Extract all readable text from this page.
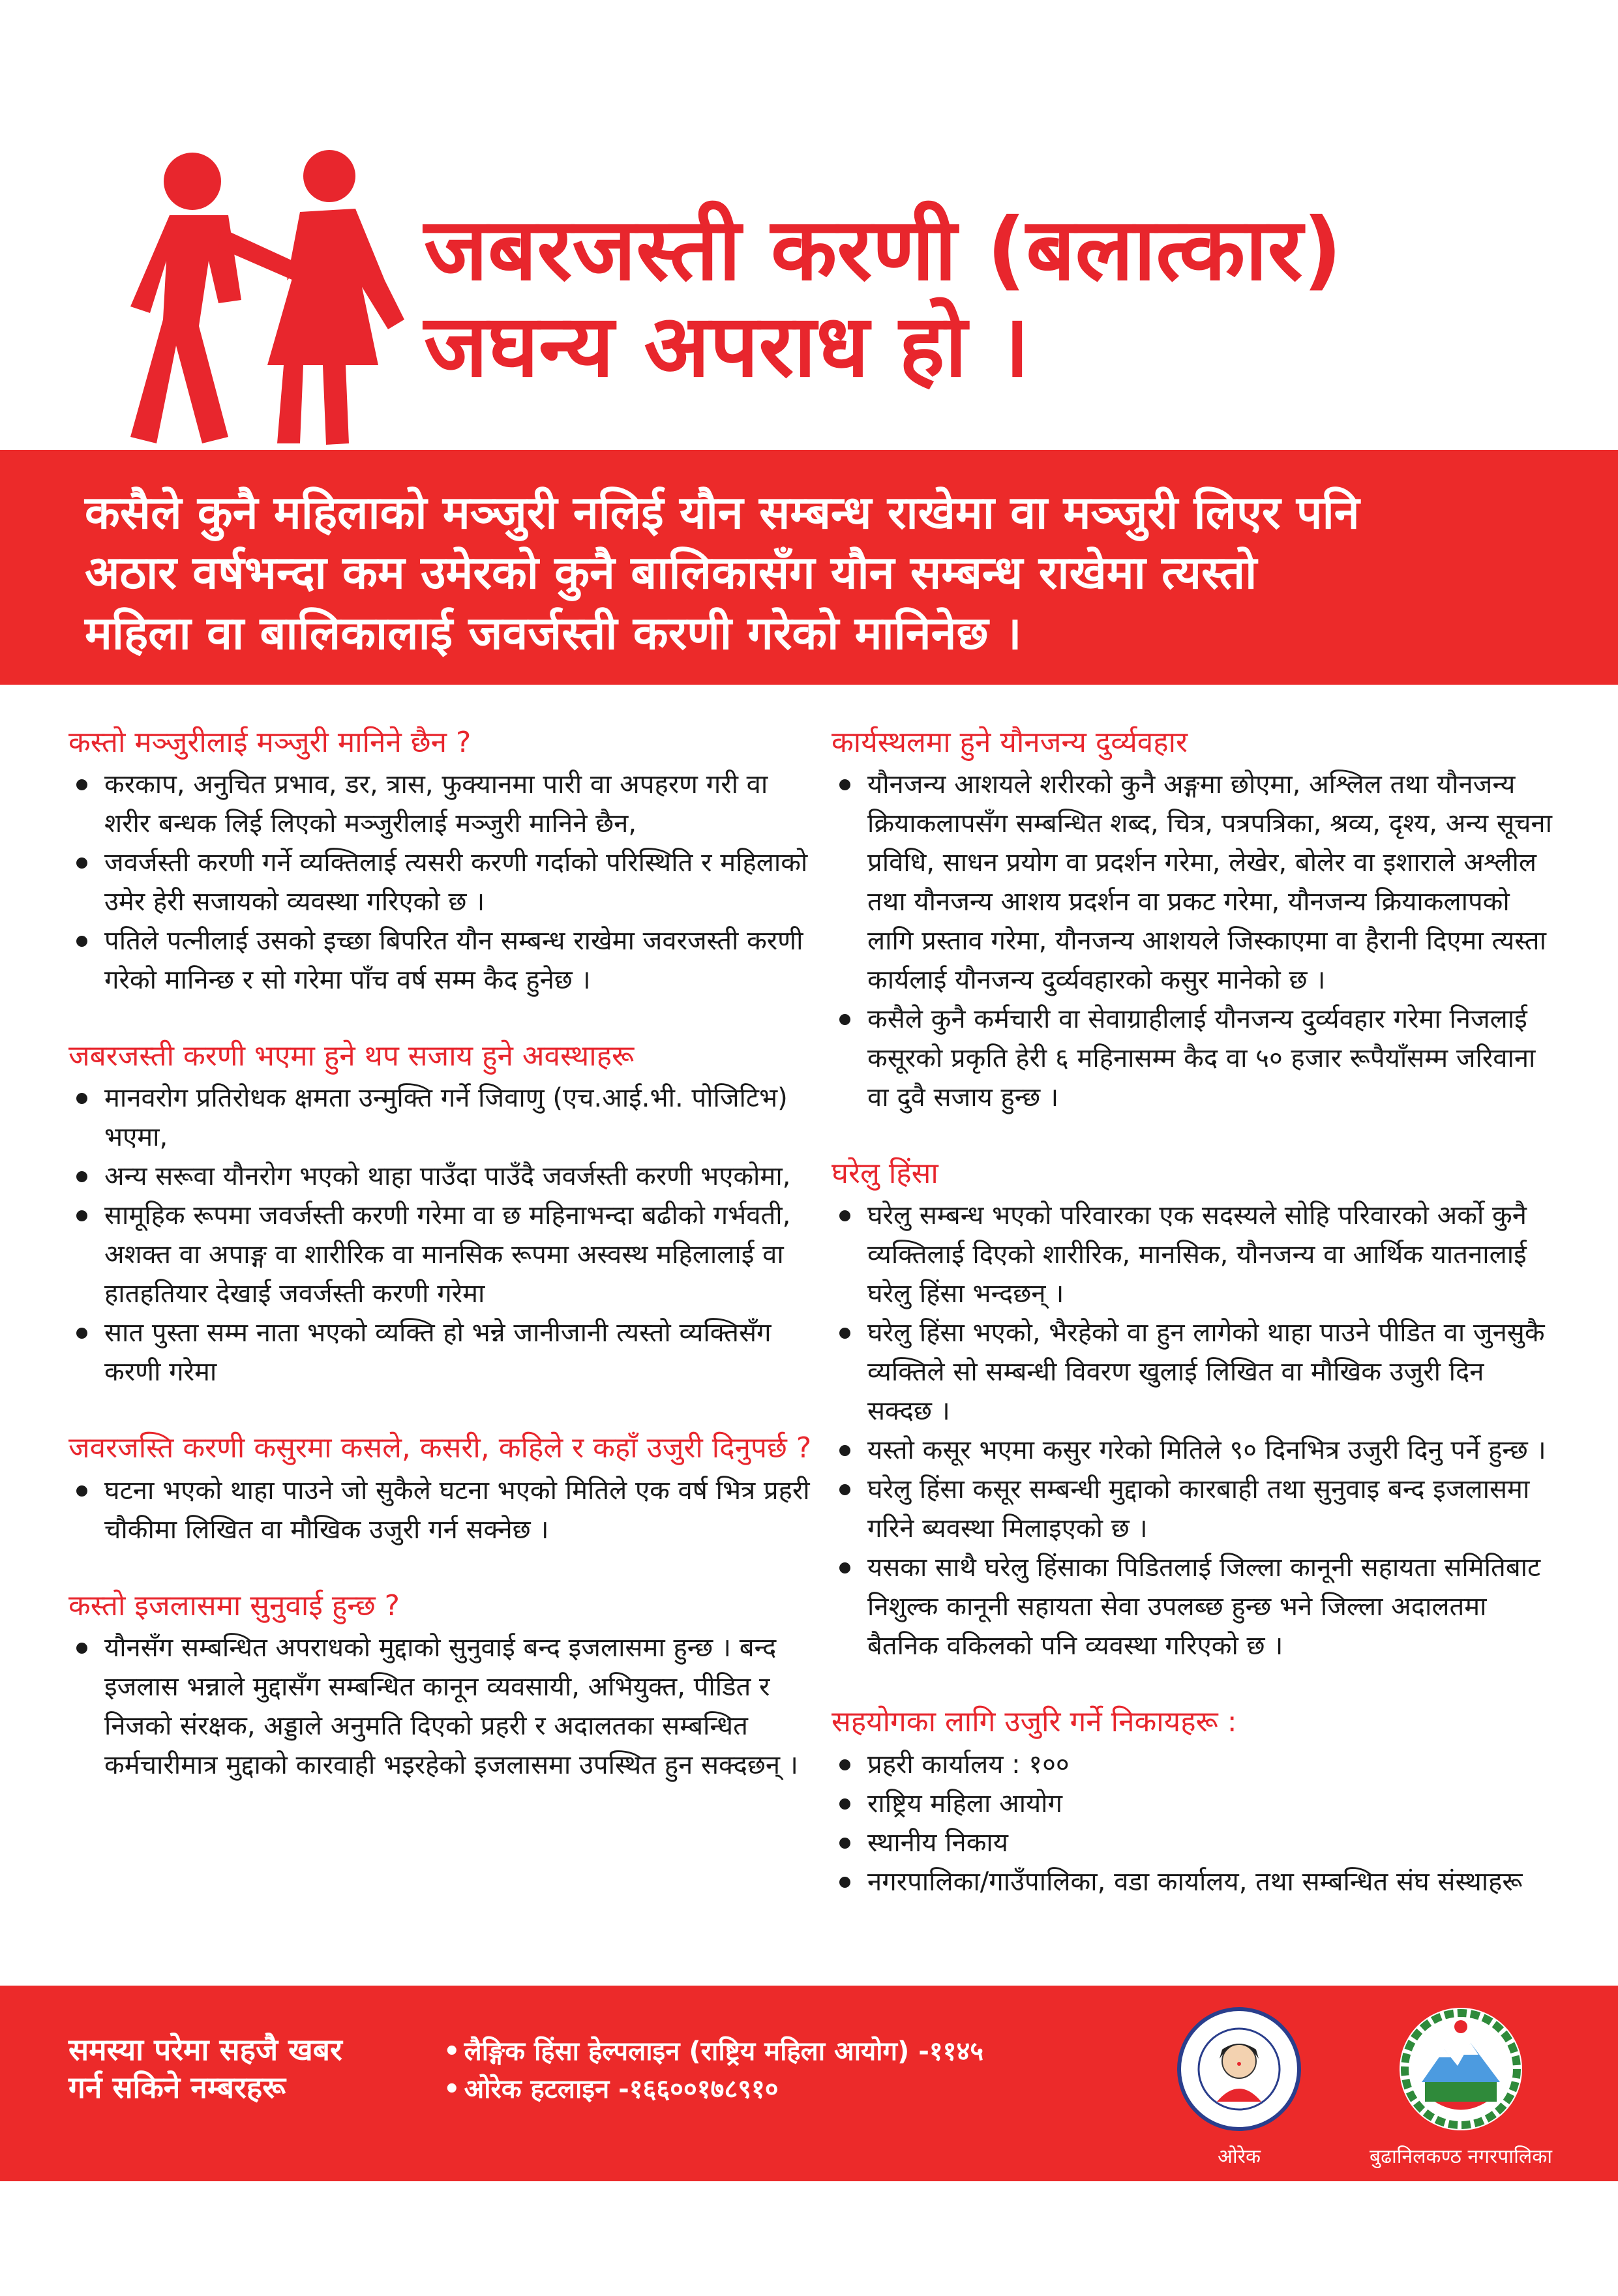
जबरजस्ती करणी (बलात्कार)
जघन्य अपराध हो ।
कसैले कुनै महिलाको मञ्जुरी नलिई यौन सम्बन्ध राखेमा वा मञ्जुरी लिएर पनि
अठार वर्षभन्दा कम उमेरको कुनै बालिकासँग यौन सम्बन्ध राखेमा त्यस्तो
महिला वा बालिकालाई जवर्जस्ती करणी गरेको मानिनेछ ।
कस्तो मञ्जुरीलाई मञ्जुरी मानिने छैन ?
करकाप, अनुचित प्रभाव, डर, त्रास, फुक्यानमा पारी वा अपहरण गरी वा शरीर बन्धक लिई लिएको मञ्जुरीलाई मञ्जुरी मानिने छैन,
जवर्जस्ती करणी गर्ने व्यक्तिलाई त्यसरी करणी गर्दाको परिस्थिति र महिलाको उमेर हेरी सजायको व्यवस्था गरिएको छ ।
पतिले पत्नीलाई उसको इच्छा बिपरित यौन सम्बन्ध राखेमा जवरजस्ती करणी गरेको मानिन्छ र सो गरेमा पाँच वर्ष सम्म कैद हुनेछ ।
जबरजस्ती करणी भएमा हुने थप सजाय हुने अवस्थाहरू
मानवरोग प्रतिरोधक क्षमता उन्मुक्ति गर्ने जिवाणु (एच.आई.भी. पोजिटिभ) भएमा,
अन्य सरूवा यौनरोग भएको थाहा पाउँदा पाउँदै जवर्जस्ती करणी भएकोमा,
सामूहिक रूपमा जवर्जस्ती करणी गरेमा वा छ महिनाभन्दा बढीको गर्भवती, अशक्त वा अपाङ्ग वा शारीरिक वा मानसिक रूपमा अस्वस्थ महिलालाई वा हातहतियार देखाई जवर्जस्ती करणी गरेमा
सात पुस्ता सम्म नाता भएको व्यक्ति हो भन्ने जानीजानी त्यस्तो व्यक्तिसँग करणी गरेमा
जवरजस्ति करणी कसुरमा कसले, कसरी, कहिले र कहाँ उजुरी दिनुपर्छ ?
घटना भएको थाहा पाउने जो सुकैले घटना भएको मितिले एक वर्ष भित्र प्रहरी चौकीमा लिखित वा मौखिक उजुरी गर्न सक्नेछ ।
कस्तो इजलासमा सुनुवाई हुन्छ ?
यौनसँग सम्बन्धित अपराधको मुद्दाको सुनुवाई बन्द इजलासमा हुन्छ । बन्द इजलास भन्नाले मुद्दासँग सम्बन्धित कानून व्यवसायी, अभियुक्त, पीडित र निजको संरक्षक, अड्डाले अनुमति दिएको प्रहरी र अदालतका सम्बन्धित कर्मचारीमात्र मुद्दाको कारवाही भइरहेको इजलासमा उपस्थित हुन सक्दछन् ।
कार्यस्थलमा हुने यौनजन्य दुर्व्यवहार
यौनजन्य आशयले शरीरको कुनै अङ्गमा छोएमा, अश्लिल तथा यौनजन्य क्रियाकलापसँग सम्बन्धित शब्द, चित्र, पत्रपत्रिका, श्रव्य, दृश्य, अन्य सूचना प्रविधि, साधन प्रयोग वा प्रदर्शन गरेमा, लेखेर, बोलेर वा इशाराले अश्लील तथा यौनजन्य आशय प्रदर्शन वा प्रकट गरेमा, यौनजन्य क्रियाकलापको लागि प्रस्ताव गरेमा, यौनजन्य आशयले जिस्काएमा वा हैरानी दिएमा त्यस्ता कार्यलाई यौनजन्य दुर्व्यवहारको कसुर मानेको छ ।
कसैले कुनै कर्मचारी वा सेवाग्राहीलाई यौनजन्य दुर्व्यवहार गरेमा निजलाई कसूरको प्रकृति हेरी ६ महिनासम्म कैद वा ५० हजार रूपैयाँसम्म जरिवाना वा दुवै सजाय हुन्छ ।
घरेलु हिंसा
घरेलु सम्बन्ध भएको परिवारका एक सदस्यले सोहि परिवारको अर्को कुनै व्यक्तिलाई दिएको शारीरिक, मानसिक, यौनजन्य वा आर्थिक यातनालाई घरेलु हिंसा भन्दछन् ।
घरेलु हिंसा भएको, भैरहेको वा हुन लागेको थाहा पाउने पीडित वा जुनसुकै व्यक्तिले सो सम्बन्धी विवरण खुलाई लिखित वा मौखिक उजुरी दिन सक्दछ ।
यस्तो कसूर भएमा कसुर गरेको मितिले ९० दिनभित्र उजुरी दिनु पर्ने हुन्छ ।
घरेलु हिंसा कसूर सम्बन्धी मुद्दाको कारबाही तथा सुनुवाइ बन्द इजलासमा गरिने ब्यवस्था मिलाइएको छ ।
यसका साथै घरेलु हिंसाका पिडितलाई जिल्ला कानूनी सहायता समितिबाट निशुल्क कानूनी सहायता सेवा उपलब्छ हुन्छ भने जिल्ला अदालतमा बैतनिक वकिलको पनि व्यवस्था गरिएको छ ।
सहयोगका लागि उजुरि गर्ने निकायहरू :
प्रहरी कार्यालय : १००
राष्ट्रिय महिला आयोग
स्थानीय निकाय
नगरपालिका/गाउँपालिका, वडा कार्यालय, तथा सम्बन्धित संघ संस्थाहरू
समस्या परेमा सहजै खबर
गर्न सकिने नम्बरहरू
• लैङ्गिक हिंसा हेल्पलाइन (राष्ट्रिय महिला आयोग) -११४५
• ओरेक हटलाइन -१६६००१७८९१०
ओरेक	बुढानिलकण्ठ नगरपालिका
